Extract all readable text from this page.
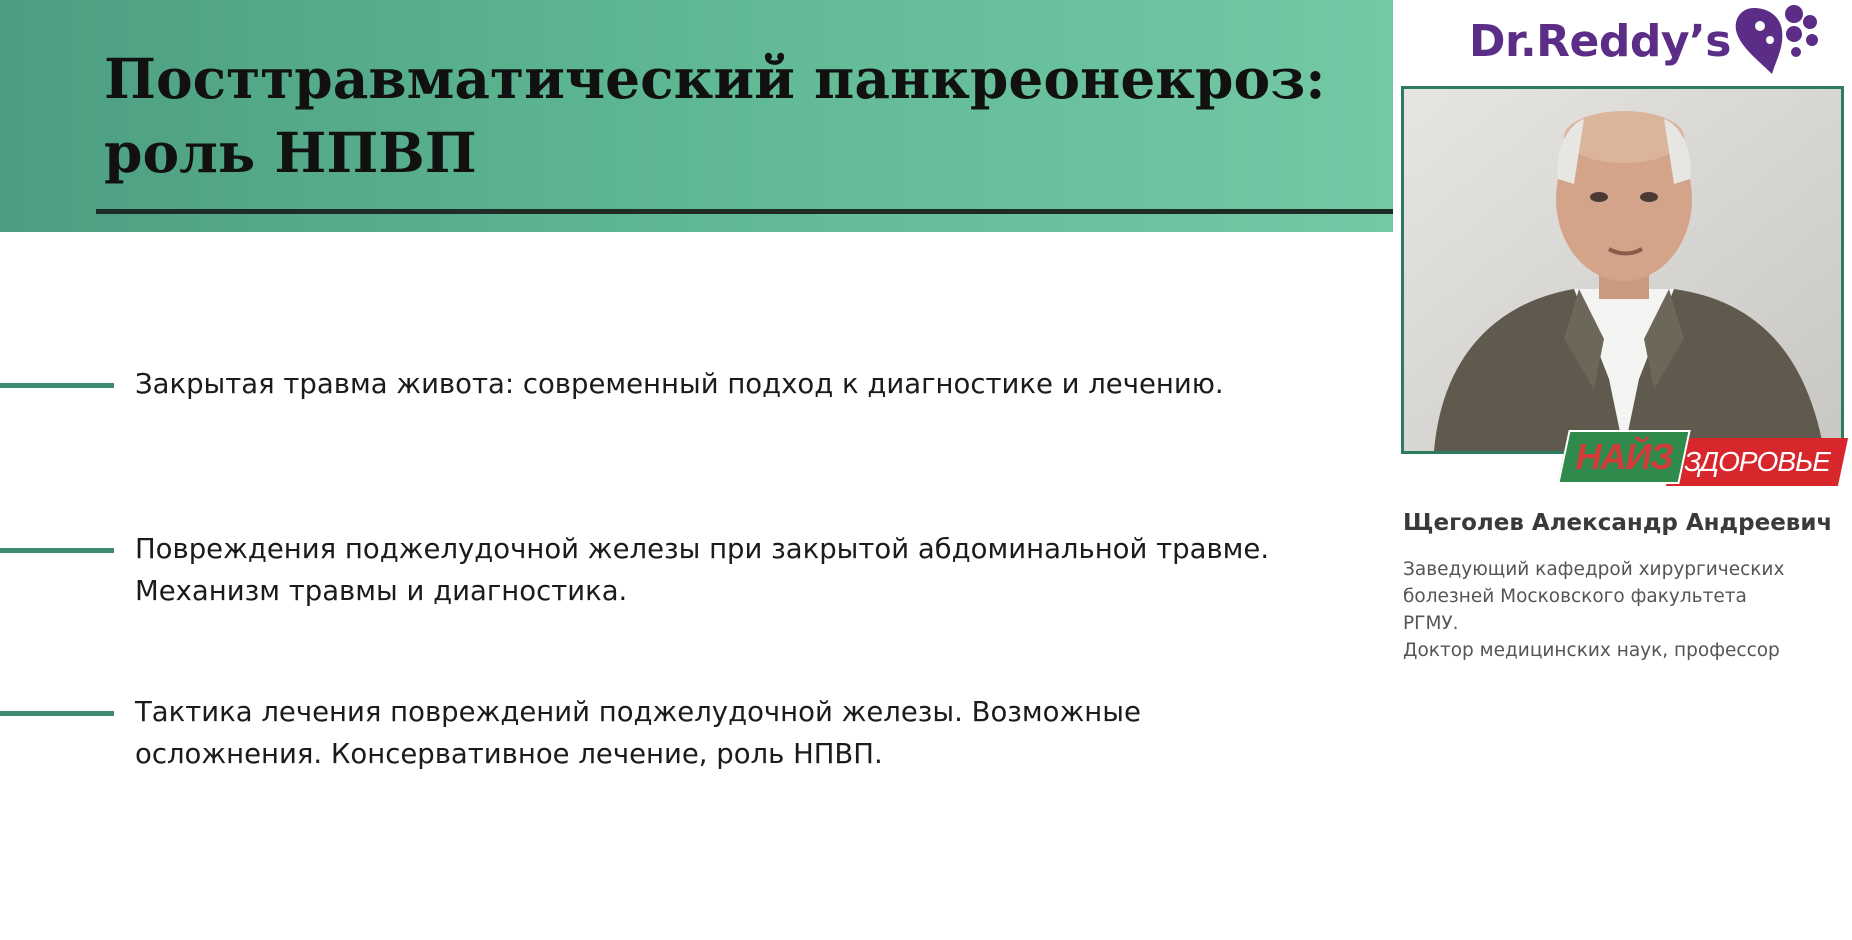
Посттравматический панкреонекроз:
роль НПВП
Закрытая травма живота: современный подход к диагностике и лечению.
Повреждения поджелудочной железы при закрытой абдоминальной травме.
Механизм травмы и диагностика.
Тактика лечения повреждений поджелудочной железы. Возможные
осложнения. Консервативное лечение, роль НПВП.
Dr.Reddy’s
ЗДОРОВЬЕ
НАЙЗ
Щеголев Александр Андреевич
Заведующий кафедрой хирургических
болезней Московского факультета
РГМУ.
Доктор медицинских наук, профессор
